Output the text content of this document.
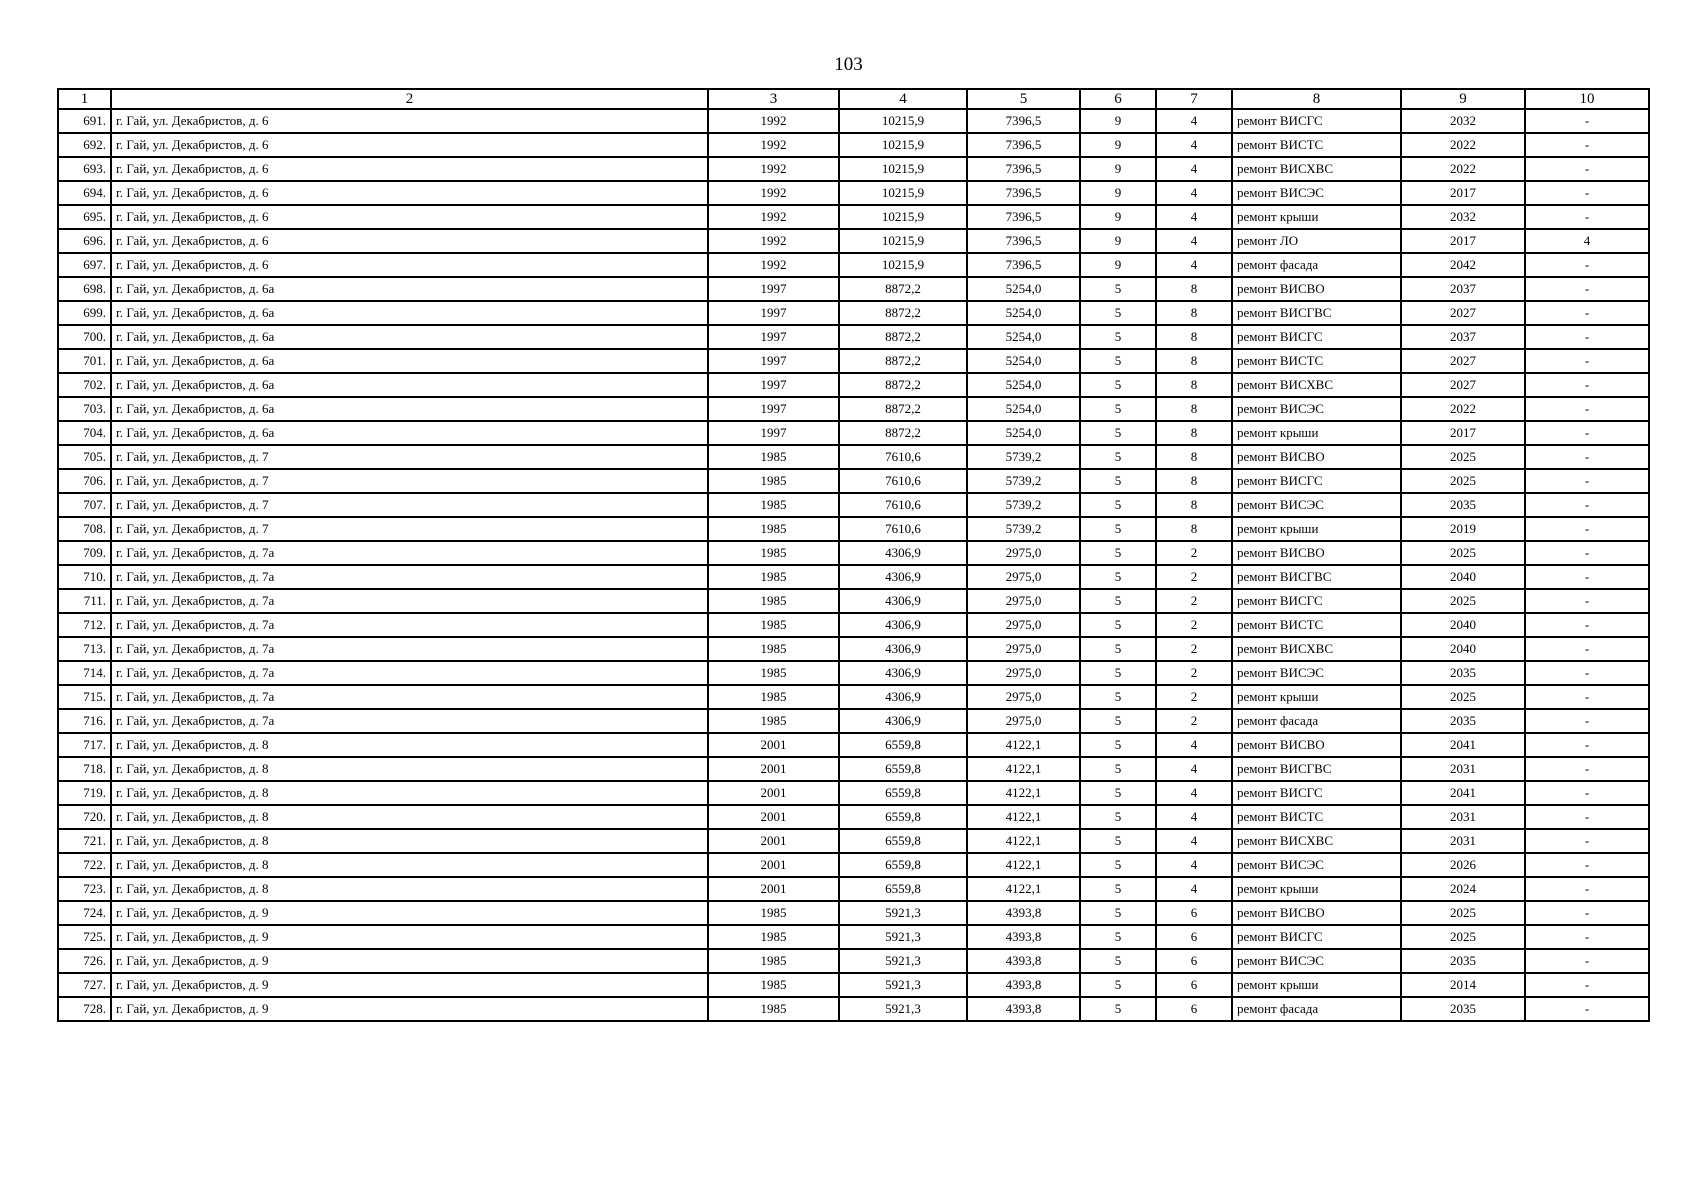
103
1	2	3	4	5	6	7	8	9	10
691.	г. Гай, ул. Декабристов, д. 6	1992	10215,9	7396,5	9	4	ремонт ВИСГС	2032	-
692.	г. Гай, ул. Декабристов, д. 6	1992	10215,9	7396,5	9	4	ремонт ВИСТС	2022	-
693.	г. Гай, ул. Декабристов, д. 6	1992	10215,9	7396,5	9	4	ремонт ВИСХВС	2022	-
694.	г. Гай, ул. Декабристов, д. 6	1992	10215,9	7396,5	9	4	ремонт ВИСЭС	2017	-
695.	г. Гай, ул. Декабристов, д. 6	1992	10215,9	7396,5	9	4	ремонт крыши	2032	-
696.	г. Гай, ул. Декабристов, д. 6	1992	10215,9	7396,5	9	4	ремонт ЛО	2017	4
697.	г. Гай, ул. Декабристов, д. 6	1992	10215,9	7396,5	9	4	ремонт фасада	2042	-
698.	г. Гай, ул. Декабристов, д. 6а	1997	8872,2	5254,0	5	8	ремонт ВИСВО	2037	-
699.	г. Гай, ул. Декабристов, д. 6а	1997	8872,2	5254,0	5	8	ремонт ВИСГВС	2027	-
700.	г. Гай, ул. Декабристов, д. 6а	1997	8872,2	5254,0	5	8	ремонт ВИСГС	2037	-
701.	г. Гай, ул. Декабристов, д. 6а	1997	8872,2	5254,0	5	8	ремонт ВИСТС	2027	-
702.	г. Гай, ул. Декабристов, д. 6а	1997	8872,2	5254,0	5	8	ремонт ВИСХВС	2027	-
703.	г. Гай, ул. Декабристов, д. 6а	1997	8872,2	5254,0	5	8	ремонт ВИСЭС	2022	-
704.	г. Гай, ул. Декабристов, д. 6а	1997	8872,2	5254,0	5	8	ремонт крыши	2017	-
705.	г. Гай, ул. Декабристов, д. 7	1985	7610,6	5739,2	5	8	ремонт ВИСВО	2025	-
706.	г. Гай, ул. Декабристов, д. 7	1985	7610,6	5739,2	5	8	ремонт ВИСГС	2025	-
707.	г. Гай, ул. Декабристов, д. 7	1985	7610,6	5739,2	5	8	ремонт ВИСЭС	2035	-
708.	г. Гай, ул. Декабристов, д. 7	1985	7610,6	5739,2	5	8	ремонт крыши	2019	-
709.	г. Гай, ул. Декабристов, д. 7а	1985	4306,9	2975,0	5	2	ремонт ВИСВО	2025	-
710.	г. Гай, ул. Декабристов, д. 7а	1985	4306,9	2975,0	5	2	ремонт ВИСГВС	2040	-
711.	г. Гай, ул. Декабристов, д. 7а	1985	4306,9	2975,0	5	2	ремонт ВИСГС	2025	-
712.	г. Гай, ул. Декабристов, д. 7а	1985	4306,9	2975,0	5	2	ремонт ВИСТС	2040	-
713.	г. Гай, ул. Декабристов, д. 7а	1985	4306,9	2975,0	5	2	ремонт ВИСХВС	2040	-
714.	г. Гай, ул. Декабристов, д. 7а	1985	4306,9	2975,0	5	2	ремонт ВИСЭС	2035	-
715.	г. Гай, ул. Декабристов, д. 7а	1985	4306,9	2975,0	5	2	ремонт крыши	2025	-
716.	г. Гай, ул. Декабристов, д. 7а	1985	4306,9	2975,0	5	2	ремонт фасада	2035	-
717.	г. Гай, ул. Декабристов, д. 8	2001	6559,8	4122,1	5	4	ремонт ВИСВО	2041	-
718.	г. Гай, ул. Декабристов, д. 8	2001	6559,8	4122,1	5	4	ремонт ВИСГВС	2031	-
719.	г. Гай, ул. Декабристов, д. 8	2001	6559,8	4122,1	5	4	ремонт ВИСГС	2041	-
720.	г. Гай, ул. Декабристов, д. 8	2001	6559,8	4122,1	5	4	ремонт ВИСТС	2031	-
721.	г. Гай, ул. Декабристов, д. 8	2001	6559,8	4122,1	5	4	ремонт ВИСХВС	2031	-
722.	г. Гай, ул. Декабристов, д. 8	2001	6559,8	4122,1	5	4	ремонт ВИСЭС	2026	-
723.	г. Гай, ул. Декабристов, д. 8	2001	6559,8	4122,1	5	4	ремонт крыши	2024	-
724.	г. Гай, ул. Декабристов, д. 9	1985	5921,3	4393,8	5	6	ремонт ВИСВО	2025	-
725.	г. Гай, ул. Декабристов, д. 9	1985	5921,3	4393,8	5	6	ремонт ВИСГС	2025	-
726.	г. Гай, ул. Декабристов, д. 9	1985	5921,3	4393,8	5	6	ремонт ВИСЭС	2035	-
727.	г. Гай, ул. Декабристов, д. 9	1985	5921,3	4393,8	5	6	ремонт крыши	2014	-
728.	г. Гай, ул. Декабристов, д. 9	1985	5921,3	4393,8	5	6	ремонт фасада	2035	-
